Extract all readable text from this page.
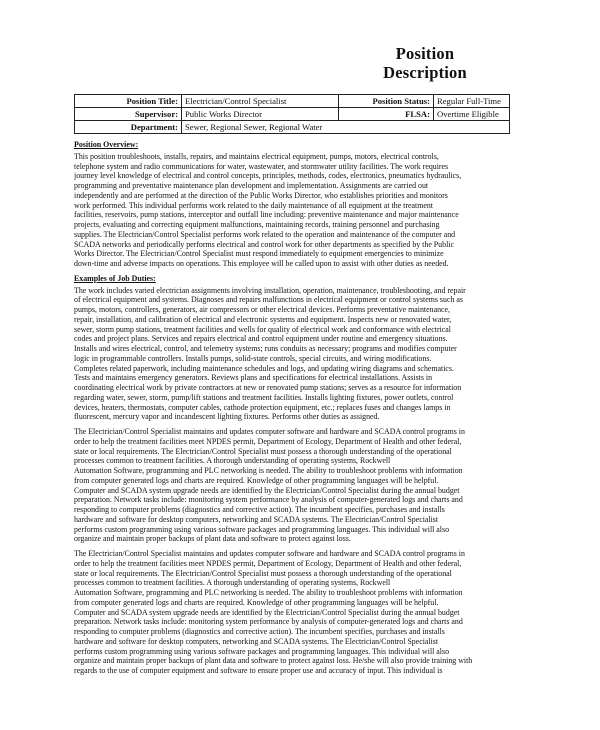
Position
Description
Position Title:	Electrician/Control Specialist	Position Status:	Regular Full-Time
Supervisor:	Public Works Director	FLSA:	Overtime Eligible
Department:	Sewer, Regional Sewer, Regional Water		
Position Overview:
This position troubleshoots, installs, repairs, and maintains electrical equipment, pumps, motors, electrical controls,
telephone system and radio communications for water, wastewater, and stormwater utility facilities. The work requires
journey level knowledge of electrical and control concepts, principles, methods, codes, electronics, pneumatics hydraulics,
programming and preventative maintenance plan development and implementation. Assignments are carried out
independently and are performed at the direction of the Public Works Director, who establishes priorities and monitors
work performed. This individual performs work related to the daily maintenance of all equipment at the treatment
facilities, reservoirs, pump stations, interceptor and outfall line including: preventive maintenance and major maintenance
projects, evaluating and correcting equipment malfunctions, maintaining records, training personnel and purchasing
supplies. The Electrician/Control Specialist performs work related to the operation and maintenance of the computer and
SCADA networks and periodically performs electrical and control work for other departments as specified by the Public
Works Director. The Electrician/Control Specialist must respond immediately to equipment emergencies to minimize
down-time and adverse impacts on operations. This employee will be called upon to assist with other duties as needed.
Examples of Job Duties:
The work includes varied electrician assignments involving installation, operation, maintenance, troubleshooting, and repair
of electrical equipment and systems. Diagnoses and repairs malfunctions in electrical equipment or control systems such as
pumps, motors, controllers, generators, air compressors or other electrical devices. Performs preventative maintenance,
repair, installation, and calibration of electrical and electronic systems and equipment. Inspects new or renovated water,
sewer, storm pump stations, treatment facilities and wells for quality of electrical work and conformance with electrical
codes and project plans. Services and repairs electrical and control equipment under routine and emergency situations.
Installs and wires electrical, control, and telemetry systems; runs conduits as necessary; programs and modifies computer
logic in programmable controllers. Installs pumps, solid-state controls, special circuits, and wiring modifications.
Completes related paperwork, including maintenance schedules and logs, and updating wiring diagrams and schematics.
Tests and maintains emergency generators. Reviews plans and specifications for electrical installations. Assists in
coordinating electrical work by private contractors at new or renovated pump stations; serves as a resource for information
regarding water, sewer, storm, pump/lift stations and treatment facilities. Installs lighting fixtures, power outlets, control
devices, heaters, thermostats, computer cables, cathode protection equipment, etc.; replaces fuses and changes lamps in
fluorescent, mercury vapor and incandescent lighting fixtures. Performs other duties as assigned.
The Electrician/Control Specialist maintains and updates computer software and hardware and SCADA control programs in
order to help the treatment facilities meet NPDES permit, Department of Ecology, Department of Health and other federal,
state or local requirements. The Electrician/Control Specialist must possess a thorough understanding of the operational
processes common to treatment facilities. A thorough understanding of operating systems, Rockwell
Automation Software, programming and PLC networking is needed. The ability to troubleshoot problems with information
from computer generated logs and charts are required. Knowledge of other programming languages will be helpful.
Computer and SCADA system upgrade needs are identified by the Electrician/Control Specialist during the annual budget
preparation. Network tasks include: monitoring system performance by analysis of computer-generated logs and charts and
responding to computer problems (diagnostics and corrective action). The incumbent specifies, purchases and installs
hardware and software for desktop computers, networking and SCADA systems. The Electrician/Control Specialist
performs custom programming using various software packages and programming languages. This individual will also
organize and maintain proper backups of plant data and software to protect against loss.
The Electrician/Control Specialist maintains and updates computer software and hardware and SCADA control programs in
order to help the treatment facilities meet NPDES permit, Department of Ecology, Department of Health and other federal,
state or local requirements. The Electrician/Control Specialist must possess a thorough understanding of the operational
processes common to treatment facilities. A thorough understanding of operating systems, Rockwell
Automation Software, programming and PLC networking is needed. The ability to troubleshoot problems with information
from computer generated logs and charts are required. Knowledge of other programming languages will be helpful.
Computer and SCADA system upgrade needs are identified by the Electrician/Control Specialist during the annual budget
preparation. Network tasks include: monitoring system performance by analysis of computer-generated logs and charts and
responding to computer problems (diagnostics and corrective action). The incumbent specifies, purchases and installs
hardware and software for desktop computers, networking and SCADA systems. The Electrician/Control Specialist
performs custom programming using various software packages and programming languages. This individual will also
organize and maintain proper backups of plant data and software to protect against loss. He/she will also provide training with
regards to the use of computer equipment and software to ensure proper use and accuracy of input. This individual is
